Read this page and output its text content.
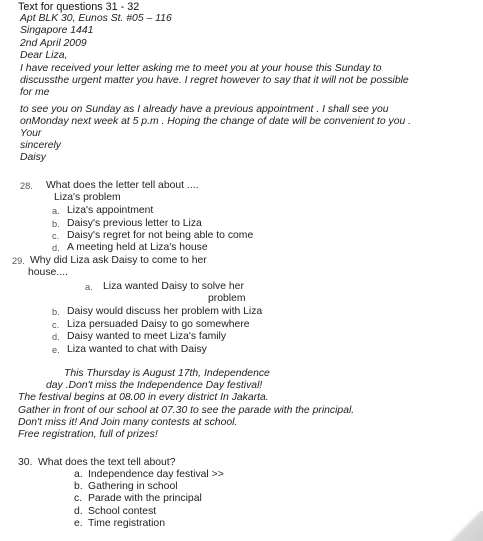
Text for questions 31 - 32
Apt BLK 30, Eunos St. #05 – 116
Singapore 1441
2nd April 2009
Dear Liza,
I have received your letter asking me to meet you at your house this Sunday to
discussthe urgent matter you have. I regret however to say that it will not be possible
for me
to see you on Sunday as I already have a previous appointment . I shall see you
onMonday next week at 5 p.m . Hoping the change of date will be convenient to you .
Your
sincerely
Daisy
28. What does the letter tell about ....
Liza's problem
a. Liza's appointment
b. Daisy's previous letter to Liza
c. Daisy's regret for not being able to come
d. A meeting held at Liza's house
29. Why did Liza ask Daisy to come to her
house....
a. Liza wanted Daisy to solve her
problem
b. Daisy would discuss her problem with Liza
c. Liza persuaded Daisy to go somewhere
d. Daisy wanted to meet Liza's family
e. Liza wanted to chat with Daisy
This Thursday is August 17th, Independence
day .Don't miss the Independence Day festival!
The festival begins at 08.00 in every district In Jakarta.
Gather in front of our school at 07.30 to see the parade with the principal.
Don't miss it! And Join many contests at school.
Free registration, full of prizes!
30. What does the text tell about?
a. Independence day festival >>
b. Gathering in school
c. Parade with the principal
d. School contest
e. Time registration
